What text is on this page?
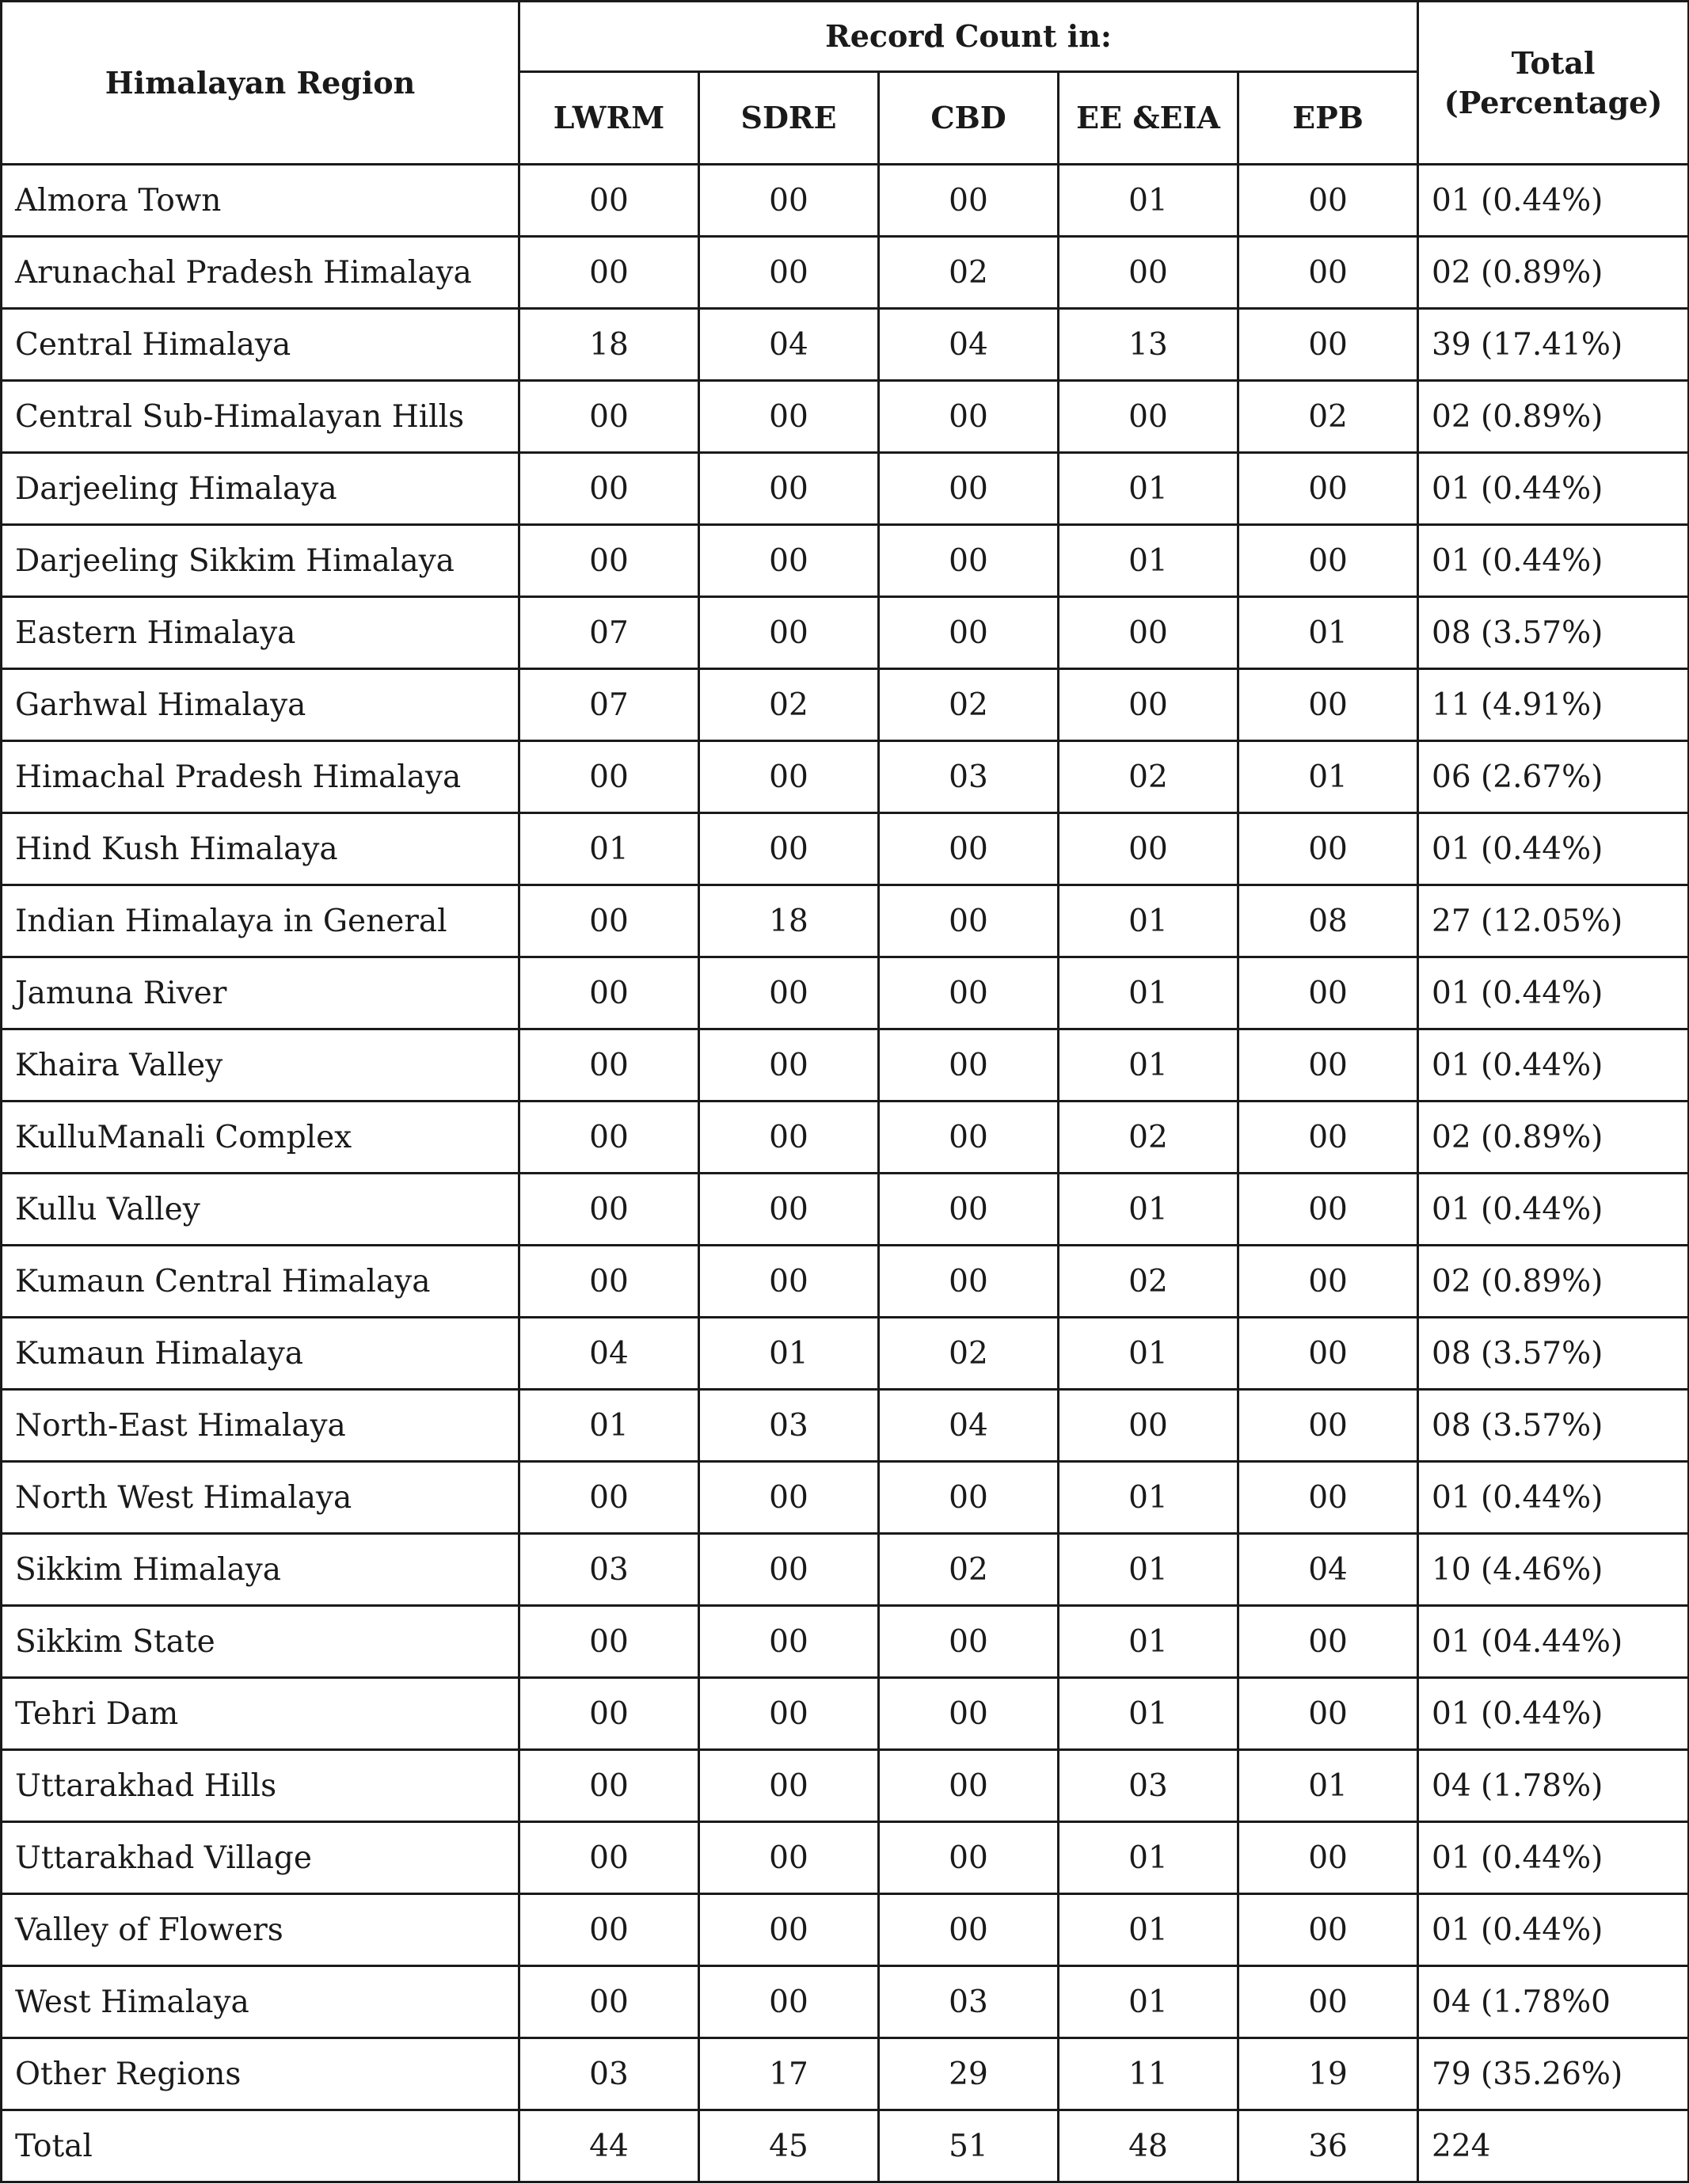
Himalayan Region	Record Count in:					Total
(Percentage)

	LWRM	SDRE	CBD	EE &EIA	EPB	
Almora Town	00	00	00	01	00	01 (0.44%)
Arunachal Pradesh Himalaya	00	00	02	00	00	02 (0.89%)
Central Himalaya	18	04	04	13	00	39 (17.41%)
Central Sub-Himalayan Hills	00	00	00	00	02	02 (0.89%)
Darjeeling Himalaya	00	00	00	01	00	01 (0.44%)
Darjeeling Sikkim Himalaya	00	00	00	01	00	01 (0.44%)
Eastern Himalaya	07	00	00	00	01	08 (3.57%)
Garhwal Himalaya	07	02	02	00	00	11 (4.91%)
Himachal Pradesh Himalaya	00	00	03	02	01	06 (2.67%)
Hind Kush Himalaya	01	00	00	00	00	01 (0.44%)
Indian Himalaya in General	00	18	00	01	08	27 (12.05%)
Jamuna River	00	00	00	01	00	01 (0.44%)
Khaira Valley	00	00	00	01	00	01 (0.44%)
KulluManali Complex	00	00	00	02	00	02 (0.89%)
Kullu Valley	00	00	00	01	00	01 (0.44%)
Kumaun Central Himalaya	00	00	00	02	00	02 (0.89%)
Kumaun Himalaya	04	01	02	01	00	08 (3.57%)
North-East Himalaya	01	03	04	00	00	08 (3.57%)
North West Himalaya	00	00	00	01	00	01 (0.44%)
Sikkim Himalaya	03	00	02	01	04	10 (4.46%)
Sikkim State	00	00	00	01	00	01 (04.44%)
Tehri Dam	00	00	00	01	00	01 (0.44%)
Uttarakhad Hills	00	00	00	03	01	04 (1.78%)
Uttarakhad Village	00	00	00	01	00	01 (0.44%)
Valley of Flowers	00	00	00	01	00	01 (0.44%)
West Himalaya	00	00	03	01	00	04 (1.78%0
Other Regions	03	17	29	11	19	79 (35.26%)
Total	44	45	51	48	36	224
